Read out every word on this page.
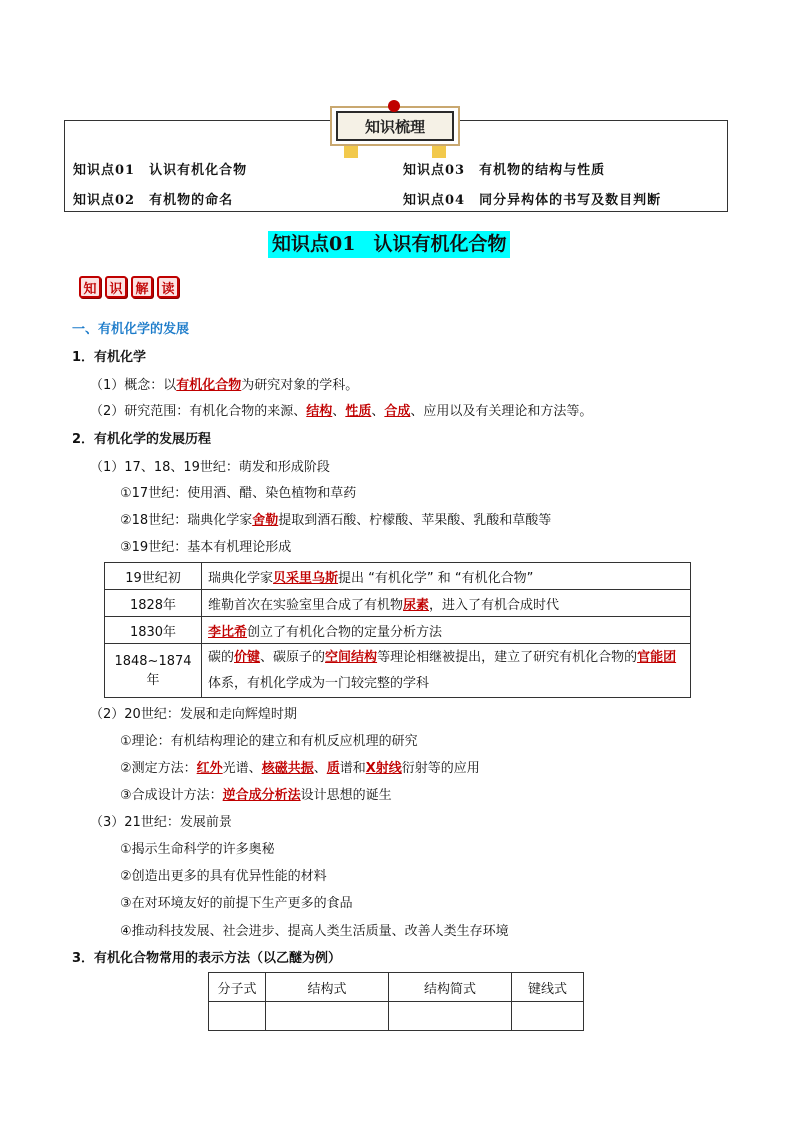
知识点01 认识有机化合物	知识点03 有机物的结构与性质
知识点02 有机物的命名	知识点04 同分异构体的书写及数目判断
知识梳理
知识点01 认识有机化合物
知 识 解 读
一、有机化学的发展
1．有机化学
（1）概念：以有机化合物为研究对象的学科。
（2）研究范围：有机化合物的来源、结构、性质、合成、应用以及有关理论和方法等。
2．有机化学的发展历程
（1）17、18、19世纪：萌发和形成阶段
①17世纪：使用酒、醋、染色植物和草药
②18世纪：瑞典化学家舍勒提取到酒石酸、柠檬酸、苹果酸、乳酸和草酸等
③19世纪：基本有机理论形成
19世纪初	瑞典化学家贝采里乌斯提出 “有机化学” 和 “有机化合物”
1828年	维勒首次在实验室里合成了有机物尿素，进入了有机合成时代
1830年	李比希创立了有机化合物的定量分析方法
1848~1874年	碳的价键、碳原子的空间结构等理论相继被提出，建立了研究有机化合物的官能团体系，有机化学成为一门较完整的学科
（2）20世纪：发展和走向辉煌时期
①理论：有机结构理论的建立和有机反应机理的研究
②测定方法：红外光谱、核磁共振、质谱和X射线衍射等的应用
③合成设计方法：逆合成分析法设计思想的诞生
（3）21世纪：发展前景
①揭示生命科学的许多奥秘
②创造出更多的具有优异性能的材料
③在对环境友好的前提下生产更多的食品
④推动科技发展、社会进步、提高人类生活质量、改善人类生存环境
3．有机化合物常用的表示方法（以乙醚为例）
分子式	结构式	结构简式	键线式
